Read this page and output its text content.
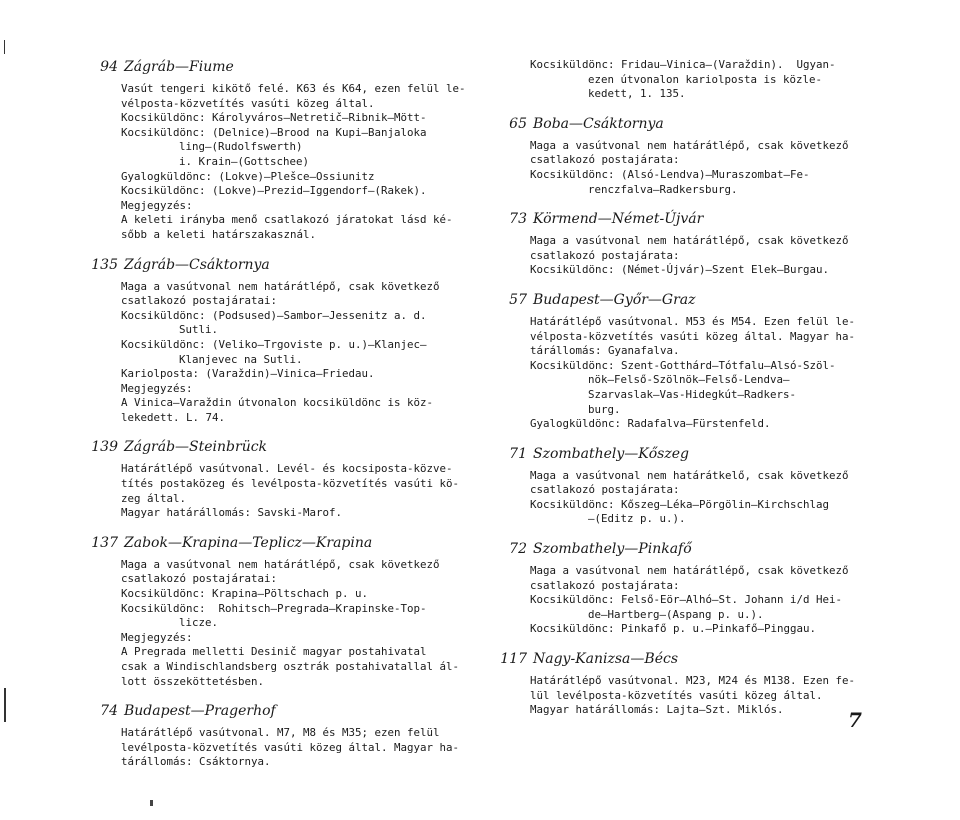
94 Zágráb—Fiume
Vasút tengeri kikötő felé. K63 és K64, ezen felül le-
vélposta-közvetítés vasúti közeg által.
Kocsiküldönc: Károlyváros—Netretič—Ribnik—Mött-
Kocsiküldönc: (Delnice)—Brood na Kupi—Banjaloka
ling—(Rudolfswerth)
i. Krain—(Gottschee)
Gyalogküldönc: (Lokve)—Plešce—Ossiunitz
Kocsiküldönc: (Lokve)—Prezid—Iggendorf—(Rakek).
Megjegyzés:
A keleti irányba menő csatlakozó járatokat lásd ké-
sőbb a keleti határszakasznál.
135 Zágráb—Csáktornya
Maga a vasútvonal nem határátlépő, csak következő
csatlakozó postajáratai:
Kocsiküldönc: (Podsused)—Sambor—Jessenitz a. d.
Sutli.
Kocsiküldönc: (Veliko—Trgoviste p. u.)—Klanjec—
Klanjevec na Sutli.
Kariolposta: (Varaždin)—Vinica—Friedau.
Megjegyzés:
A Vinica—Varaždin útvonalon kocsiküldönc is köz-
lekedett. L. 74.
139 Zágráb—Steinbrück
Határátlépő vasútvonal. Levél- és kocsiposta-közve-
títés postaközeg és levélposta-közvetítés vasúti kö-
zeg által.
Magyar határállomás: Savski-Marof.
137 Zabok—Krapina—Teplicz—Krapina
Maga a vasútvonal nem határátlépő, csak következő
csatlakozó postajáratai:
Kocsiküldönc: Krapina—Pöltschach p. u.
Kocsiküldönc:  Rohitsch—Pregrada—Krapinske-Top-
licze.
Megjegyzés:
A Pregrada melletti Desinič magyar postahivatal
csak a Windischlandsberg osztrák postahivatallal ál-
lott összeköttetésben.
74 Budapest—Pragerhof
Határátlépő vasútvonal. M7, M8 és M35; ezen felül
levélposta-közvetítés vasúti közeg által. Magyar ha-
tárállomás: Csáktornya.
Kocsiküldönc: Fridau—Vinica—(Varaždin).  Ugyan-
ezen útvonalon kariolposta is közle-
kedett, 1. 135.
65 Boba—Csáktornya
Maga a vasútvonal nem határátlépő, csak következő
csatlakozó postajárata:
Kocsiküldönc: (Alsó-Lendva)—Muraszombat—Fe-
renczfalva—Radkersburg.
73 Körmend—Német-Újvár
Maga a vasútvonal nem határátlépő, csak következő
csatlakozó postajárata:
Kocsiküldönc: (Német-Újvár)—Szent Elek—Burgau.
57 Budapest—Győr—Graz
Határátlépő vasútvonal. M53 és M54. Ezen felül le-
vélposta-közvetítés vasúti közeg által. Magyar ha-
tárállomás: Gyanafalva.
Kocsiküldönc: Szent-Gotthárd—Tótfalu—Alsó-Szöl-
nök—Felső-Szölnök—Felső-Lendva—
Szarvaslak—Vas-Hidegkút—Radkers-
burg.
Gyalogküldönc: Radafalva—Fürstenfeld.
71 Szombathely—Kőszeg
Maga a vasútvonal nem határátkelő, csak következő
csatlakozó postajárata:
Kocsiküldönc: Kőszeg—Léka—Pörgölin—Kirchschlag
—(Editz p. u.).
72 Szombathely—Pinkafő
Maga a vasútvonal nem határátlépő, csak következő
csatlakozó postajárata:
Kocsiküldönc: Felső-Eör—Alhó—St. Johann i/d Hei-
de—Hartberg—(Aspang p. u.).
Kocsiküldönc: Pinkafő p. u.—Pinkafő—Pinggau.
117 Nagy-Kanizsa—Bécs
Határátlépő vasútvonal. M23, M24 és M138. Ezen fe-
lül levélposta-közvetítés vasúti közeg által.
Magyar határállomás: Lajta—Szt. Miklós.	7
